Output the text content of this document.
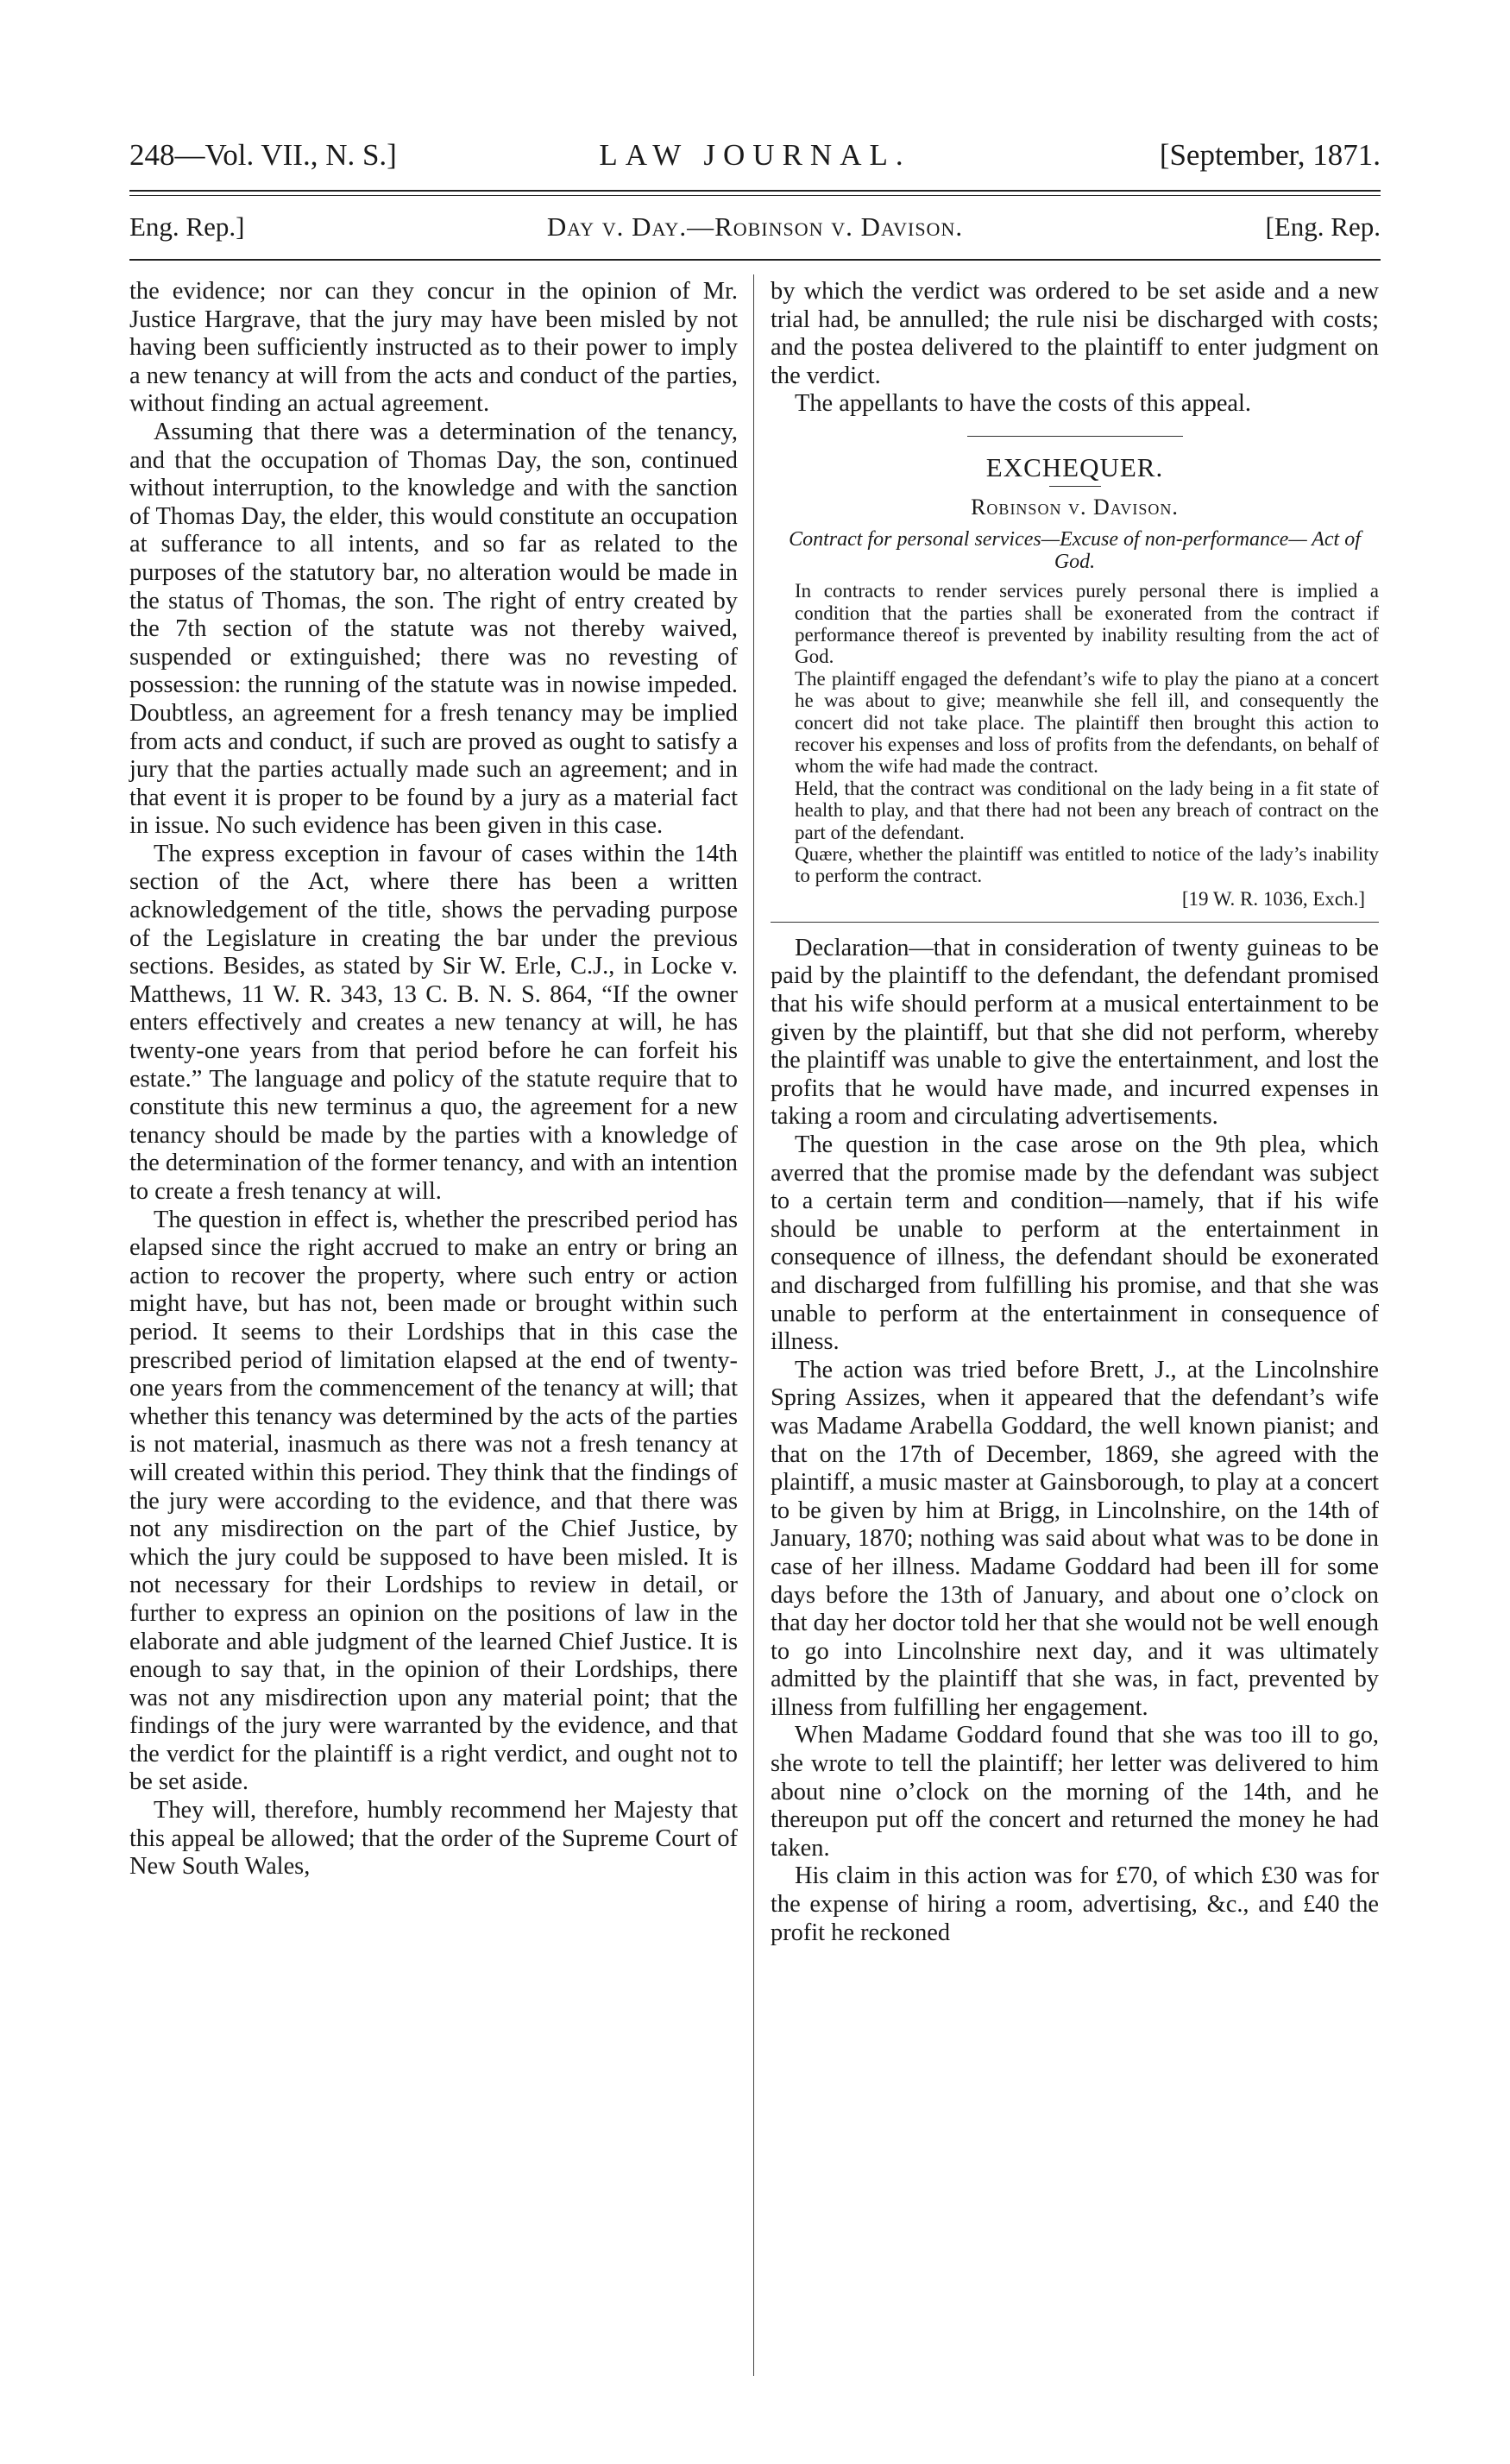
248—Vol. VII., N. S.]	LAW JOURNAL.	[September, 1871.
Eng. Rep.]	Day v. Day.—Robinson v. Davison.	[Eng. Rep.

the evidence; nor can they concur in the opinion of Mr. Justice Hargrave, that the jury may have been misled by not having been sufficiently instructed as to their power to imply a new tenancy at will from the acts and conduct of the parties, without finding an actual agreement.

Assuming that there was a determination of the tenancy, and that the occupation of Thomas Day, the son, continued without interruption, to the knowledge and with the sanction of Thomas Day, the elder, this would constitute an occupation at sufferance to all intents, and so far as related to the purposes of the statutory bar, no alteration would be made in the status of Thomas, the son. The right of entry created by the 7th section of the statute was not thereby waived, suspended or extinguished; there was no revesting of possession: the running of the statute was in nowise impeded. Doubtless, an agreement for a fresh tenancy may be implied from acts and conduct, if such are proved as ought to satisfy a jury that the parties actually made such an agreement; and in that event it is proper to be found by a jury as a material fact in issue. No such evidence has been given in this case.

The express exception in favour of cases within the 14th section of the Act, where there has been a written acknowledgement of the title, shows the pervading purpose of the Legislature in creating the bar under the previous sections. Besides, as stated by Sir W. Erle, C.J., in Locke v. Matthews, 11 W. R. 343, 13 C. B. N. S. 864, “If the owner enters effectively and creates a new tenancy at will, he has twenty-one years from that period before he can forfeit his estate.” The language and policy of the statute require that to constitute this new terminus a quo, the agreement for a new tenancy should be made by the parties with a knowledge of the determination of the former tenancy, and with an intention to create a fresh tenancy at will.

The question in effect is, whether the prescribed period has elapsed since the right accrued to make an entry or bring an action to recover the property, where such entry or action might have, but has not, been made or brought within such period. It seems to their Lordships that in this case the prescribed period of limitation elapsed at the end of twenty-one years from the commencement of the tenancy at will; that whether this tenancy was determined by the acts of the parties is not material, inasmuch as there was not a fresh tenancy at will created within this period. They think that the findings of the jury were according to the evidence, and that there was not any misdirection on the part of the Chief Justice, by which the jury could be supposed to have been misled. It is not necessary for their Lordships to review in detail, or further to express an opinion on the positions of law in the elaborate and able judgment of the learned Chief Justice. It is enough to say that, in the opinion of their Lordships, there was not any misdirection upon any material point; that the findings of the jury were warranted by the evidence, and that the verdict for the plaintiff is a right verdict, and ought not to be set aside.

They will, therefore, humbly recommend her Majesty that this appeal be allowed; that the order of the Supreme Court of New South Wales,

by which the verdict was ordered to be set aside and a new trial had, be annulled; the rule nisi be discharged with costs; and the postea delivered to the plaintiff to enter judgment on the verdict.

The appellants to have the costs of this appeal.

EXCHEQUER.
Robinson v. Davison.
Contract for personal services—Excuse of non-performance— Act of God.

In contracts to render services purely personal there is implied a condition that the parties shall be exonerated from the contract if performance thereof is prevented by inability resulting from the act of God.

The plaintiff engaged the defendant’s wife to play the piano at a concert he was about to give; meanwhile she fell ill, and consequently the concert did not take place. The plaintiff then brought this action to recover his expenses and loss of profits from the defendants, on behalf of whom the wife had made the contract.

Held, that the contract was conditional on the lady being in a fit state of health to play, and that there had not been any breach of contract on the part of the defendant.

Quære, whether the plaintiff was entitled to notice of the lady’s inability to perform the contract.

[19 W. R. 1036, Exch.]

Declaration—that in consideration of twenty guineas to be paid by the plaintiff to the defendant, the defendant promised that his wife should perform at a musical entertainment to be given by the plaintiff, but that she did not perform, whereby the plaintiff was unable to give the entertainment, and lost the profits that he would have made, and incurred expenses in taking a room and circulating advertisements.

The question in the case arose on the 9th plea, which averred that the promise made by the defendant was subject to a certain term and condition—namely, that if his wife should be unable to perform at the entertainment in consequence of illness, the defendant should be exonerated and discharged from fulfilling his promise, and that she was unable to perform at the entertainment in consequence of illness.

The action was tried before Brett, J., at the Lincolnshire Spring Assizes, when it appeared that the defendant’s wife was Madame Arabella Goddard, the well known pianist; and that on the 17th of December, 1869, she agreed with the plaintiff, a music master at Gainsborough, to play at a concert to be given by him at Brigg, in Lincolnshire, on the 14th of January, 1870; nothing was said about what was to be done in case of her illness. Madame Goddard had been ill for some days before the 13th of January, and about one o’clock on that day her doctor told her that she would not be well enough to go into Lincolnshire next day, and it was ultimately admitted by the plaintiff that she was, in fact, prevented by illness from fulfilling her engagement.

When Madame Goddard found that she was too ill to go, she wrote to tell the plaintiff; her letter was delivered to him about nine o’clock on the morning of the 14th, and he thereupon put off the concert and returned the money he had taken.

His claim in this action was for £70, of which £30 was for the expense of hiring a room, advertising, &c., and £40 the profit he reckoned
